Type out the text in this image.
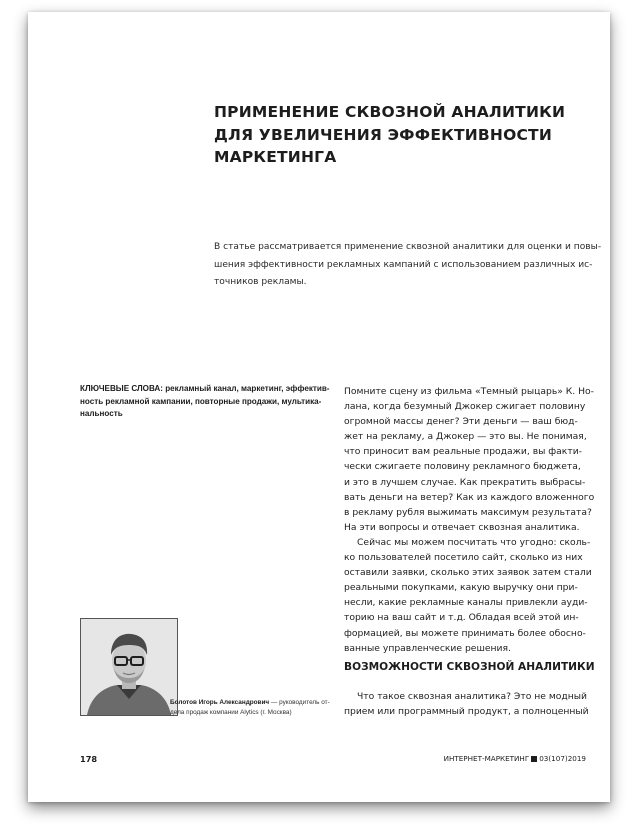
ПРИМЕНЕНИЕ СКВОЗНОЙ АНАЛИТИКИ
ДЛЯ УВЕЛИЧЕНИЯ ЭФФЕКТИВНОСТИ
МАРКЕТИНГА
В статье рассматривается применение сквозной аналитики для оценки и повы-
шения эффективности рекламных кампаний с использованием различных ис-
точников рекламы.
КЛЮЧЕВЫЕ СЛОВА: рекламный канал, маркетинг, эффектив-
ность рекламной кампании, повторные продажи, мультика-
нальность
Помните сцену из фильма «Темный рыцарь» К. Но-
лана, когда безумный Джокер сжигает половину
огромной массы денег? Эти деньги — ваш бюд-
жет на рекламу, а Джокер — это вы. Не понимая,
что приносит вам реальные продажи, вы факти-
чески сжигаете половину рекламного бюджета,
и это в лучшем случае. Как прекратить выбрасы-
вать деньги на ветер? Как из каждого вложенного
в рекламу рубля выжимать максимум результата?
На эти вопросы и отвечает сквозная аналитика.
Сейчас мы можем посчитать что угодно: сколь-
ко пользователей посетило сайт, сколько из них
оставили заявки, сколько этих заявок затем стали
реальными покупками, какую выручку они при-
несли, какие рекламные каналы привлекли ауди-
торию на ваш сайт и т.д. Обладая всей этой ин-
формацией, вы можете принимать более обосно-
ванные управленческие решения.
ВОЗМОЖНОСТИ СКВОЗНОЙ АНАЛИТИКИ
Что такое сквозная аналитика? Это не модный
прием или программный продукт, а полноценный
Болотов Игорь Александрович — руководитель от-
дела продаж компании Alytics (г. Москва)
178	ИНТЕРНЕТ-МАРКЕТИНГ 03(107)2019
